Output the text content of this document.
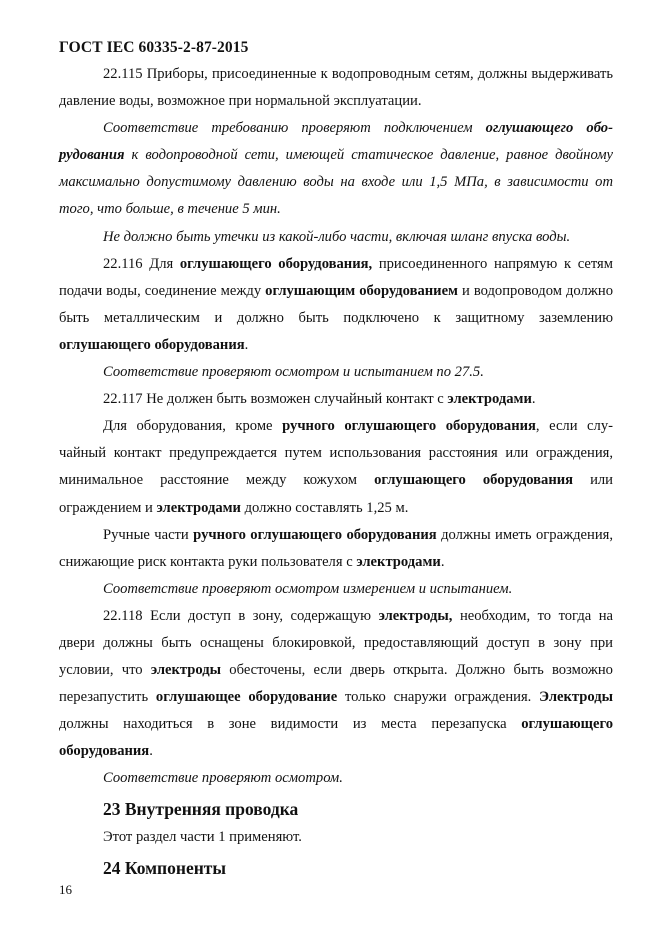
ГОСТ IEC 60335-2-87-2015

22.115 Приборы, присоединенные к водопроводным сетям, должны выдерживать давление воды, возможное при нормальной эксплуатации.

Соответствие требованию проверяют подключением оглушающего оборудования к водопроводной сети, имеющей статическое давление, равное двойному максимально допустимому давлению воды на входе или 1,5 МПа, в зависимости от того, что больше, в течение 5 мин.

Не должно быть утечки из какой-либо части, включая шланг впуска воды.

22.116 Для оглушающего оборудования, присоединенного напрямую к сетям подачи воды, соединение между оглушающим оборудованием и водопроводом должно быть металлическим и должно быть подключено к защитному заземлению оглушающего оборудования.

Соответствие проверяют осмотром и испытанием по 27.5.

22.117 Не должен быть возможен случайный контакт с электродами.

Для оборудования, кроме ручного оглушающего оборудования, если случайный контакт предупреждается путем использования расстояния или ограждения, минимальное расстояние между кожухом оглушающего оборудования или ограждением и электродами должно составлять 1,25 м.

Ручные части ручного оглушающего оборудования должны иметь ограждения, снижающие риск контакта руки пользователя с электродами.

Соответствие проверяют осмотром измерением и испытанием.

22.118 Если доступ в зону, содержащую электроды, необходим, то тогда на двери должны быть оснащены блокировкой, предоставляющий доступ в зону при условии, что электроды обесточены, если дверь открыта. Должно быть возможно перезапустить оглушающее оборудование только снаружи ограждения. Электроды должны находиться в зоне видимости из места перезапуска оглушающего оборудования.

Соответствие проверяют осмотром.

23 Внутренняя проводка

Этот раздел части 1 применяют.

24 Компоненты
16
